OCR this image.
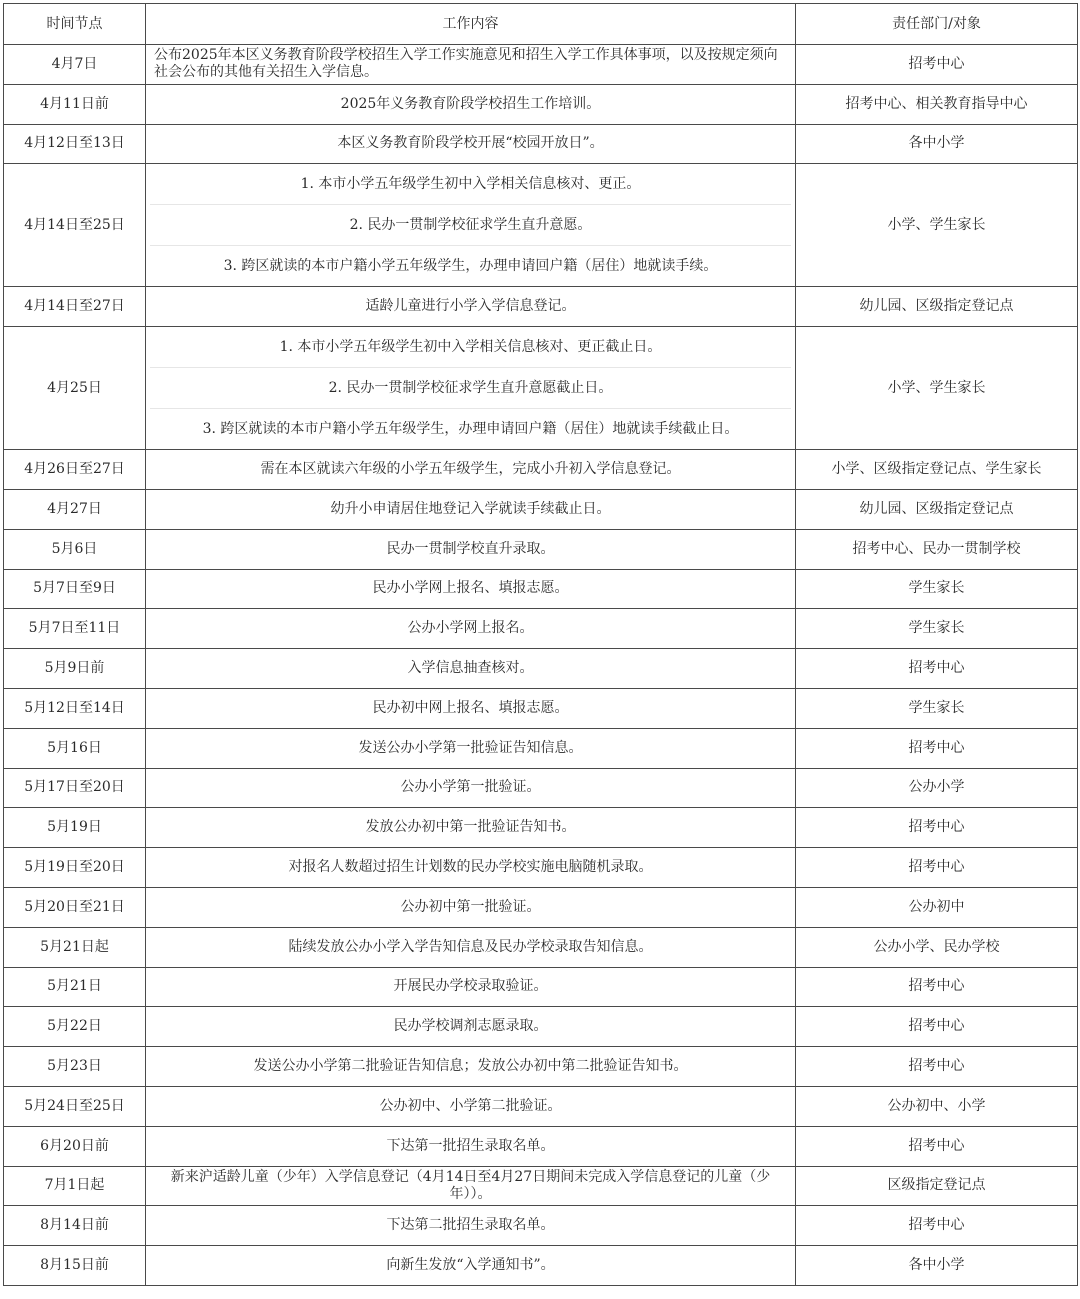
时间节点	工作内容	责任部门/对象
4月7日	公布2025年本区义务教育阶段学校招生入学工作实施意见和招生入学工作具体事项，以及按规定须向社会公布的其他有关招生入学信息。	招考中心
4月11日前	2025年义务教育阶段学校招生工作培训。	招考中心、相关教育指导中心
4月12日至13日	本区义务教育阶段学校开展“校园开放日”。	各中小学
4月14日至25日	1. 本市小学五年级学生初中入学相关信息核对、更正。
2. 民办一贯制学校征求学生直升意愿。
3. 跨区就读的本市户籍小学五年级学生，办理申请回户籍（居住）地就读手续。	小学、学生家长
4月14日至27日	适龄儿童进行小学入学信息登记。	幼儿园、区级指定登记点
4月25日	1. 本市小学五年级学生初中入学相关信息核对、更正截止日。
2. 民办一贯制学校征求学生直升意愿截止日。
3. 跨区就读的本市户籍小学五年级学生，办理申请回户籍（居住）地就读手续截止日。	小学、学生家长
4月26日至27日	需在本区就读六年级的小学五年级学生，完成小升初入学信息登记。	小学、区级指定登记点、学生家长
4月27日	幼升小申请居住地登记入学就读手续截止日。	幼儿园、区级指定登记点
5月6日	民办一贯制学校直升录取。	招考中心、民办一贯制学校
5月7日至9日	民办小学网上报名、填报志愿。	学生家长
5月7日至11日	公办小学网上报名。	学生家长
5月9日前	入学信息抽查核对。	招考中心
5月12日至14日	民办初中网上报名、填报志愿。	学生家长
5月16日	发送公办小学第一批验证告知信息。	招考中心
5月17日至20日	公办小学第一批验证。	公办小学
5月19日	发放公办初中第一批验证告知书。	招考中心
5月19日至20日	对报名人数超过招生计划数的民办学校实施电脑随机录取。	招考中心
5月20日至21日	公办初中第一批验证。	公办初中
5月21日起	陆续发放公办小学入学告知信息及民办学校录取告知信息。	公办小学、民办学校
5月21日	开展民办学校录取验证。	招考中心
5月22日	民办学校调剂志愿录取。	招考中心
5月23日	发送公办小学第二批验证告知信息；发放公办初中第二批验证告知书。	招考中心
5月24日至25日	公办初中、小学第二批验证。	公办初中、小学
6月20日前	下达第一批招生录取名单。	招考中心
7月1日起	新来沪适龄儿童（少年）入学信息登记（4月14日至4月27日期间未完成入学信息登记的儿童（少年））。	区级指定登记点
8月14日前	下达第二批招生录取名单。	招考中心
8月15日前	向新生发放“入学通知书”。	各中小学
